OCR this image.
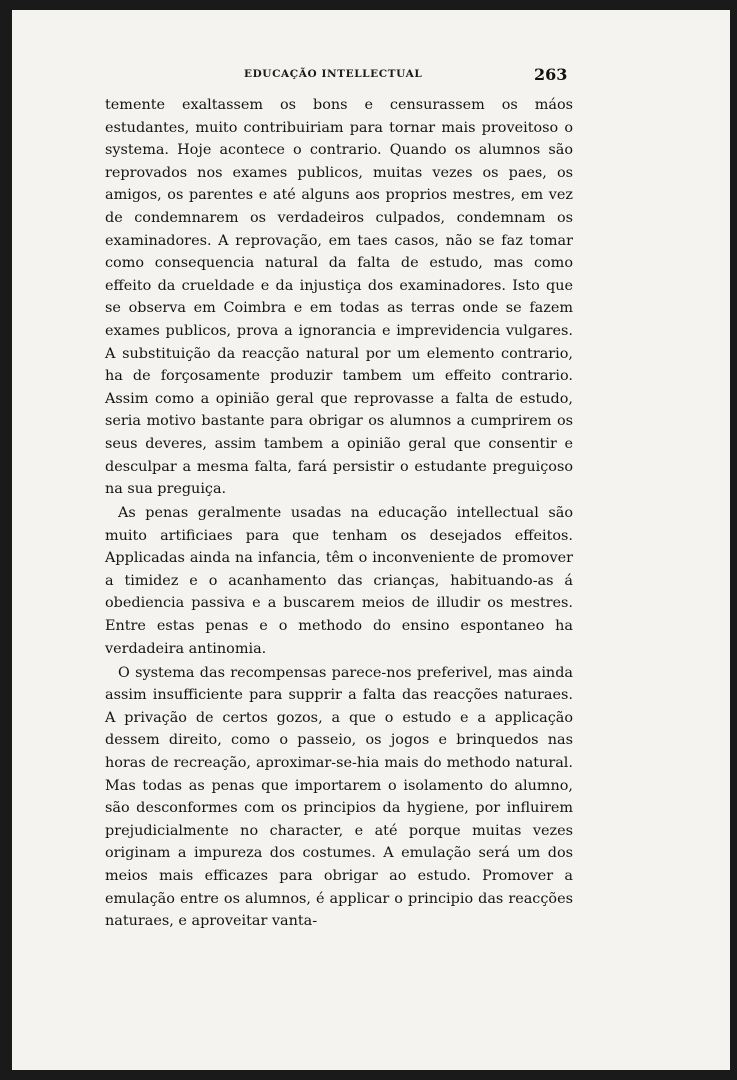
EDUCAÇÃO INTELLECTUAL	263

temente exaltassem os bons e censurassem os máos estudantes, muito contribuiriam para tornar mais proveitoso o systema. Hoje acontece o contrario. Quando os alumnos são reprovados nos exames publicos, muitas vezes os paes, os amigos, os parentes e até alguns aos proprios mestres, em vez de condemnarem os verdadeiros culpados, condemnam os examinadores. A reprovação, em taes casos, não se faz tomar como consequencia natural da falta de estudo, mas como effeito da crueldade e da injustiça dos examinadores. Isto que se observa em Coimbra e em todas as terras onde se fazem exames publicos, prova a ignorancia e imprevidencia vulgares. A substituição da reacção natural por um elemento contrario, ha de forçosamente produzir tambem um effeito contrario. Assim como a opinião geral que reprovasse a falta de estudo, seria motivo bastante para obrigar os alumnos a cumprirem os seus deveres, assim tambem a opinião geral que consentir e desculpar a mesma falta, fará persistir o estudante preguiçoso na sua preguiça.

As penas geralmente usadas na educação intellectual são muito artificiaes para que tenham os desejados effeitos. Applicadas ainda na infancia, têm o inconveniente de promover a timidez e o acanhamento das crianças, habituando-as á obediencia passiva e a buscarem meios de illudir os mestres. Entre estas penas e o methodo do ensino espontaneo ha verdadeira antinomia.

O systema das recompensas parece-nos preferivel, mas ainda assim insufficiente para supprir a falta das reacções naturaes. A privação de certos gozos, a que o estudo e a applicação dessem direito, como o passeio, os jogos e brinquedos nas horas de recreação, aproximar-se-hia mais do methodo natural. Mas todas as penas que importarem o isolamento do alumno, são desconformes com os principios da hygiene, por influirem prejudicialmente no character, e até porque muitas vezes originam a impureza dos costumes. A emulação será um dos meios mais efficazes para obrigar ao estudo. Promover a emulação entre os alumnos, é applicar o principio das reacções naturaes, e aproveitar vanta-
